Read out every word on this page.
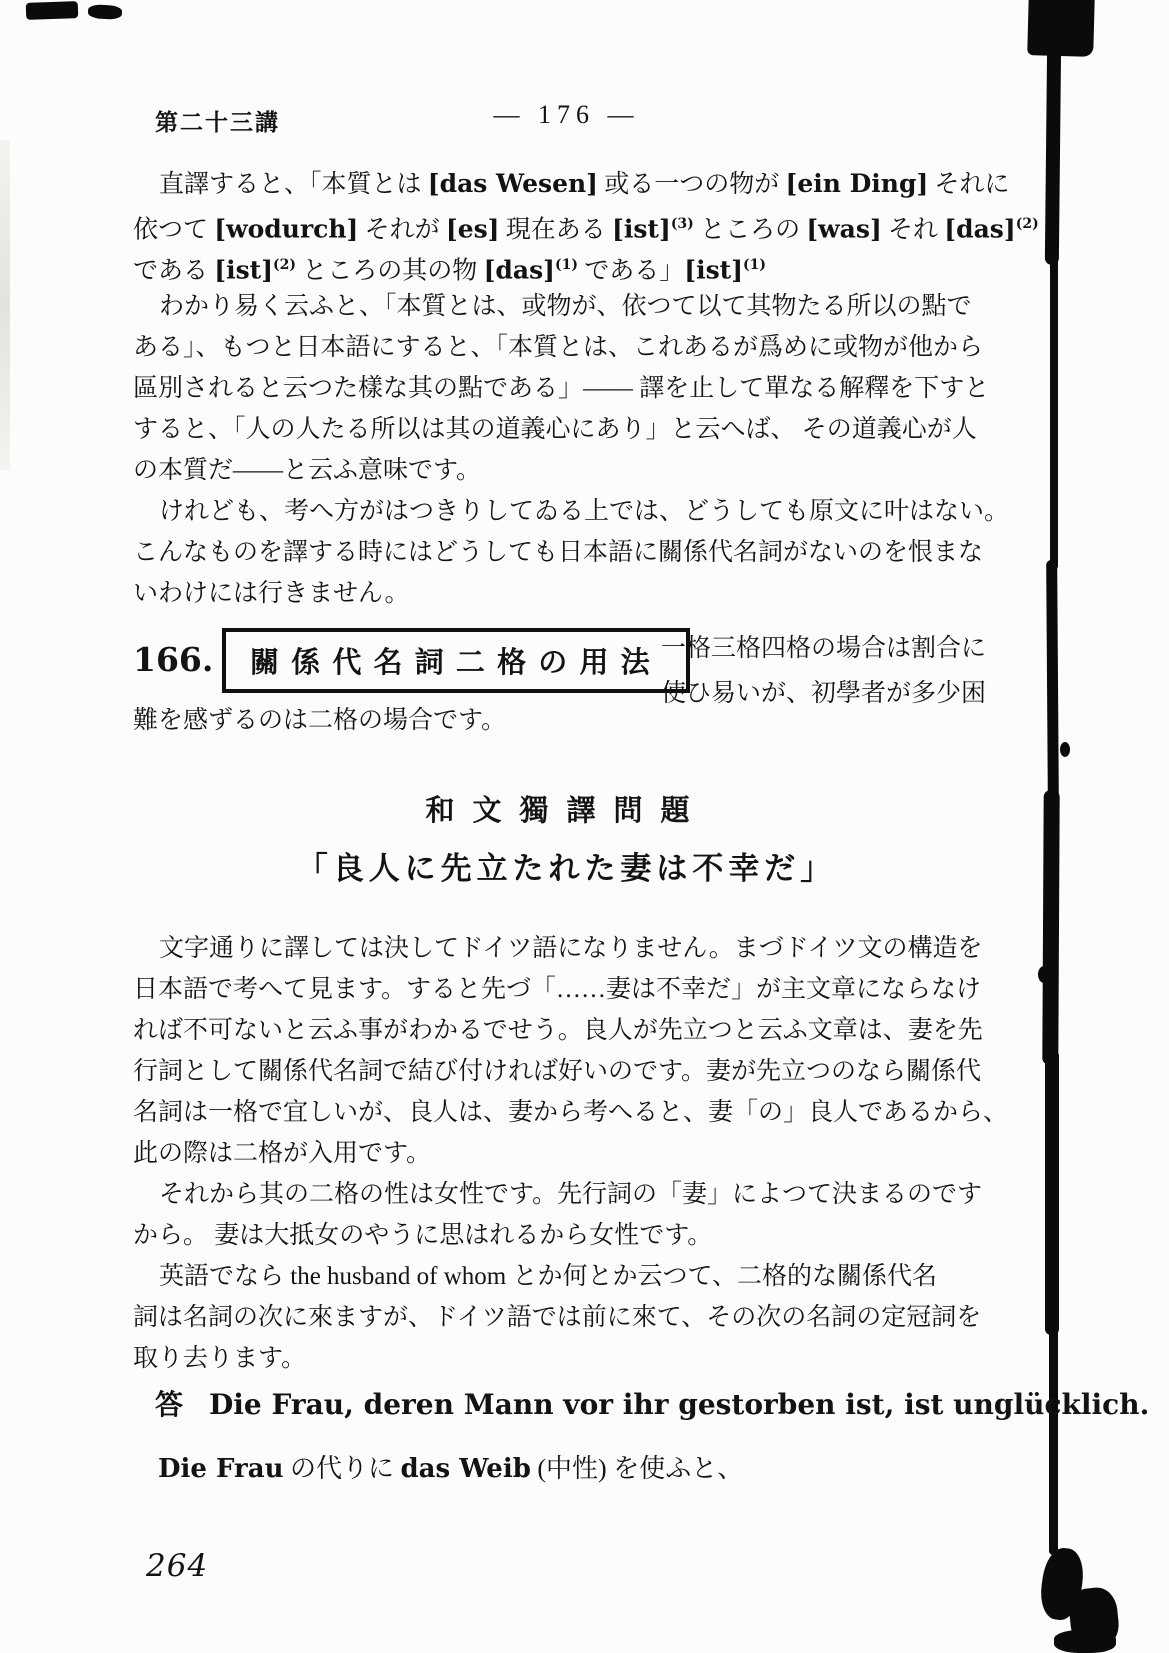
第二十三講	— 176 —
直譯すると、「本質とは [das Wesen] 或る一つの物が [ein Ding] それに
依つて [wodurch] それが [es] 現在ある [ist]$^{(3)}$ ところの [was] それ [das]$^{(2)}$
である [ist]$^{(2)}$ ところの其の物 [das]$^{(1)}$ である」[ist]$^{(1)}$
わかり易く云ふと、「本質とは、或物が、依つて以て其物たる所以の點で
ある」、もつと日本語にすると、「本質とは、これあるが爲めに或物が他から
區別されると云つた樣な其の點である」—— 譯を止して單なる解釋を下すと
すると、「人の人たる所以は其の道義心にあり」と云へば、 その道義心が人
の本質だ——と云ふ意味です。
けれども、考へ方がはつきりしてゐる上では、どうしても原文に叶はない。
こんなものを譯する時にはどうしても日本語に關係代名詞がないのを恨まな
いわけには行きません。
166.	關係代名詞二格の用法 一格三格四格の場合は割合に
使ひ易いが、初學者が多少困
難を感ずるのは二格の場合です。
和文獨譯問題
「良人に先立たれた妻は不幸だ」
文字通りに譯しては決してドイツ語になりません。まづドイツ文の構造を
日本語で考へて見ます。すると先づ「……妻は不幸だ」が主文章にならなけ
れば不可ないと云ふ事がわかるでせう。良人が先立つと云ふ文章は、妻を先
行詞として關係代名詞で結び付ければ好いのです。妻が先立つのなら關係代
名詞は一格で宜しいが、良人は、妻から考へると、妻「の」良人であるから、
此の際は二格が入用です。
それから其の二格の性は女性です。先行詞の「妻」によつて決まるのです
から。 妻は大抵女のやうに思はれるから女性です。
英語でなら the husband of whom とか何とか云つて、二格的な關係代名
詞は名詞の次に來ますが、ドイツ語では前に來て、その次の名詞の定冠詞を
取り去ります。
答 Die Frau, deren Mann vor ihr gestorben ist, ist unglücklich.
Die Frau の代りに das Weib (中性) を使ふと、
264
